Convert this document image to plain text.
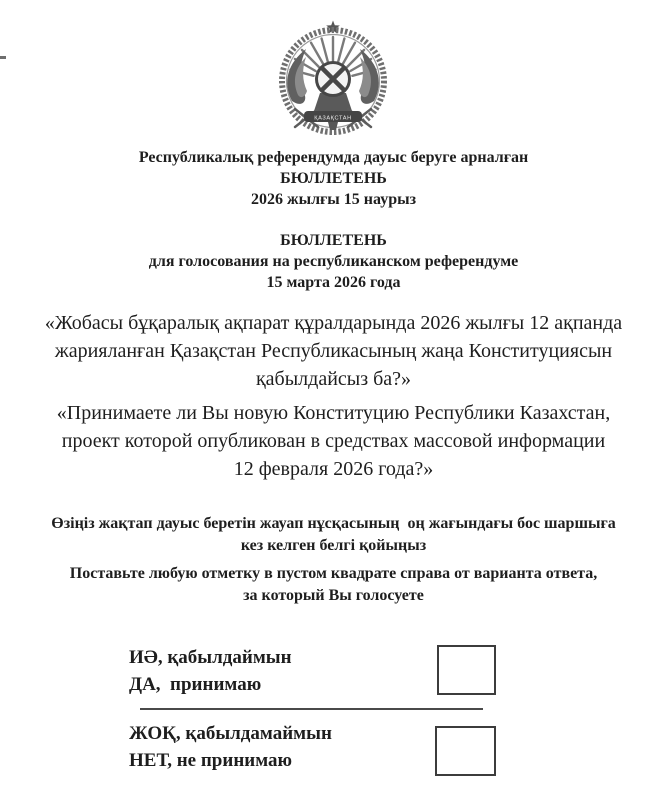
ҚАЗАҚСТАН
Республикалық референдумда дауыс беруге арналған
БЮЛЛЕТЕНЬ
2026 жылғы 15 наурыз
БЮЛЛЕТЕНЬ
для голосования на республиканском референдуме
15 марта 2026 года
«Жобасы бұқаралық ақпарат құралдарында 2026 жылғы 12 ақпанда
жарияланған Қазақстан Республикасының жаңа Конституциясын
қабылдайсыз ба?»
«Принимаете ли Вы новую Конституцию Республики Казахстан,
проект которой опубликован в средствах массовой информации
12 февраля 2026 года?»
Өзіңіз жақтап дауыс беретін жауап нұсқасының  оң жағындағы бос шаршыға
кез келген белгі қойыңыз
Поставьте любую отметку в пустом квадрате справа от варианта ответа,
за который Вы голосуете
ИӘ, қабылдаймын
ДА,  принимаю
ЖОҚ, қабылдамаймын
НЕТ, не принимаю
